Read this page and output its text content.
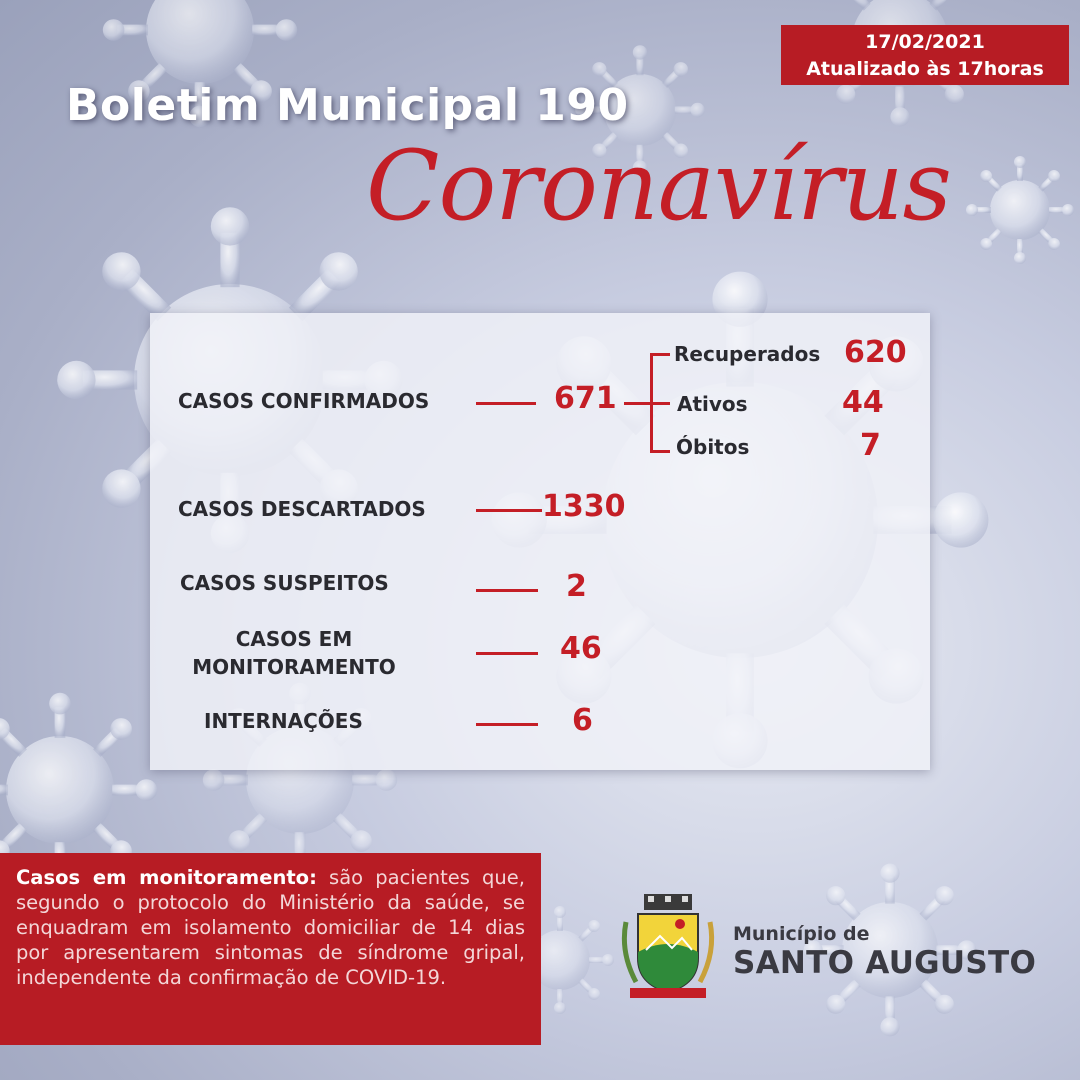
17/02/2021
Atualizado às 17horas
Boletim Municipal 190
Coronavírus
CASOS CONFIRMADOS	671
Recuperados 620
Ativos	44
Óbitos	7
CASOS DESCARTADOS	1330
CASOS SUSPEITOS	2
CASOS EM
MONITORAMENTO
46
INTERNAÇÕES	6
Casos em monitoramento: são pacientes que, segundo o protocolo do Ministério da saúde, se enquadram em isolamento domiciliar de 14 dias por apresentarem sintomas de síndrome gripal, independente da confirmação de COVID-19.
Município de
SANTO AUGUSTO
